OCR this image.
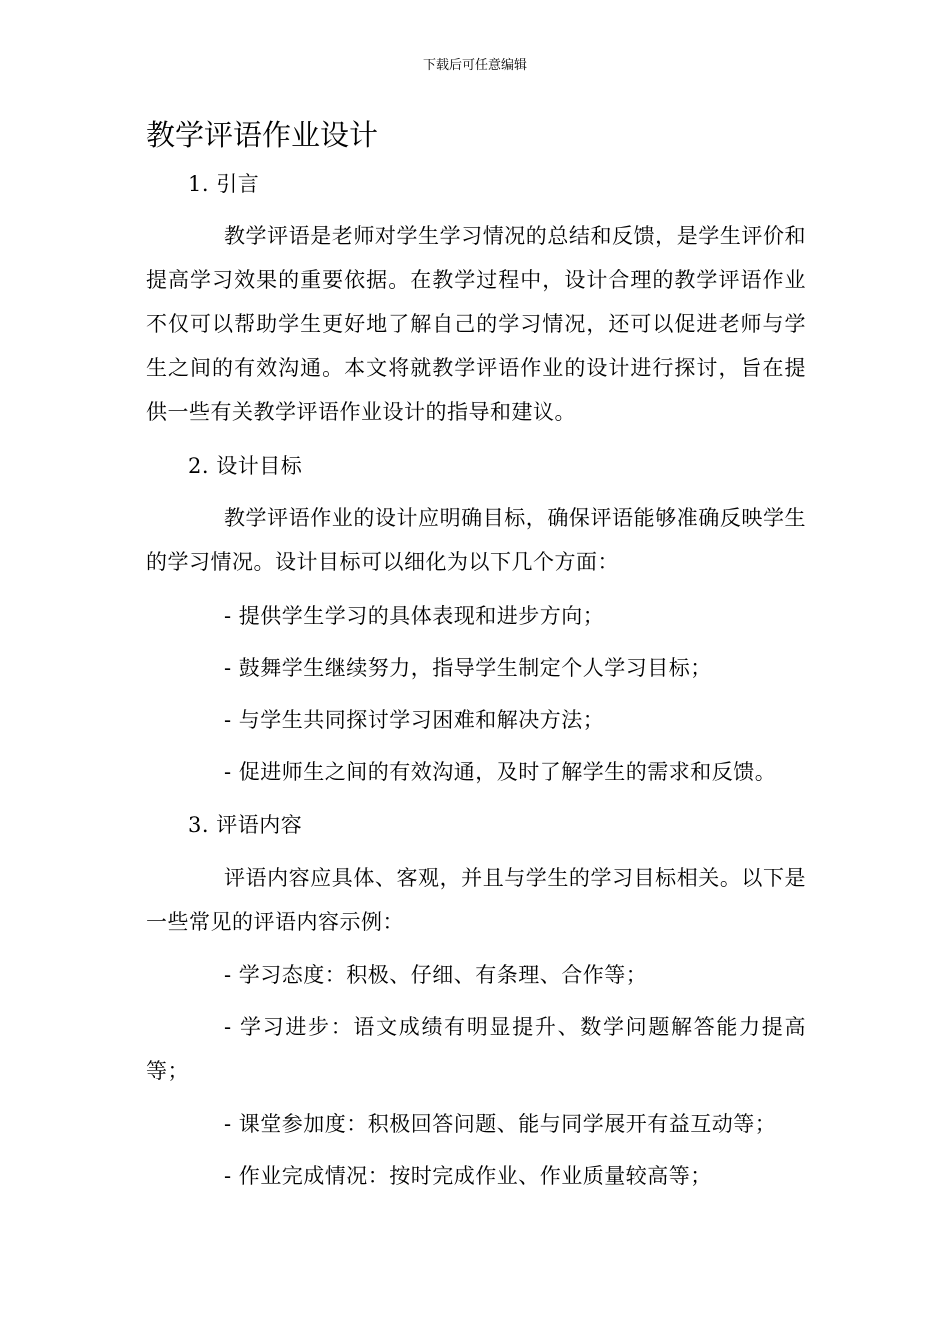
下载后可任意编辑
教学评语作业设计

1. 引言

教学评语是老师对学生学习情况的总结和反馈，是学生评价和提高学习效果的重要依据。在教学过程中，设计合理的教学评语作业不仅可以帮助学生更好地了解自己的学习情况，还可以促进老师与学生之间的有效沟通。本文将就教学评语作业的设计进行探讨，旨在提供一些有关教学评语作业设计的指导和建议。

2. 设计目标

教学评语作业的设计应明确目标，确保评语能够准确反映学生的学习情况。设计目标可以细化为以下几个方面：

- 提供学生学习的具体表现和进步方向；

- 鼓舞学生继续努力，指导学生制定个人学习目标；

- 与学生共同探讨学习困难和解决方法；

- 促进师生之间的有效沟通，及时了解学生的需求和反馈。

3. 评语内容

评语内容应具体、客观，并且与学生的学习目标相关。以下是一些常见的评语内容示例：

- 学习态度：积极、仔细、有条理、合作等；

- 学习进步：语文成绩有明显提升、数学问题解答能力提高等；

- 课堂参加度：积极回答问题、能与同学展开有益互动等；

- 作业完成情况：按时完成作业、作业质量较高等；
